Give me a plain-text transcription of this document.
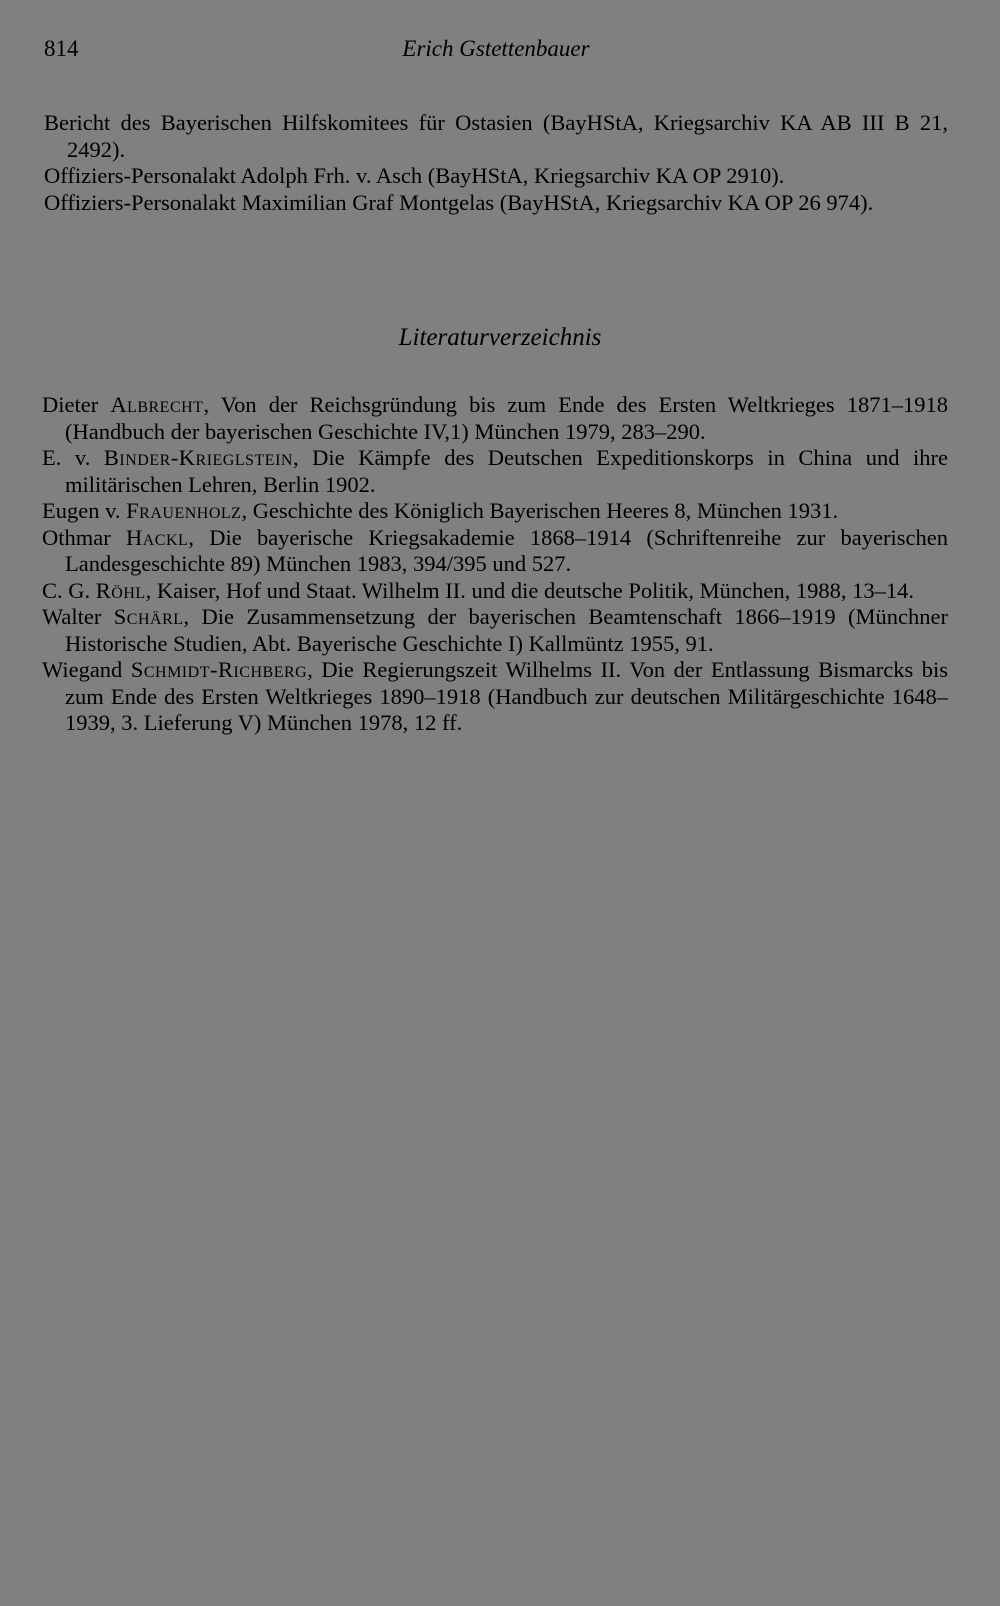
814	Erich Gstettenbauer

Bericht des Bayerischen Hilfskomitees für Ostasien (BayHStA, Kriegsarchiv KA AB III B 21, 2492).

Offiziers-Personalakt Adolph Frh. v. Asch (BayHStA, Kriegsarchiv KA OP 2910).

Offiziers-Personalakt Maximilian Graf Montgelas (BayHStA, Kriegsarchiv KA OP 26 974).

Literaturverzeichnis

Dieter Albrecht, Von der Reichsgründung bis zum Ende des Ersten Weltkrieges 1871–1918 (Handbuch der bayerischen Geschichte IV,1) München 1979, 283–290.

E. v. Binder-Krieglstein, Die Kämpfe des Deutschen Expeditionskorps in China und ihre militärischen Lehren, Berlin 1902.

Eugen v. Frauenholz, Geschichte des Königlich Bayerischen Heeres 8, München 1931.

Othmar Hackl, Die bayerische Kriegsakademie 1868–1914 (Schriftenreihe zur bayerischen Landesgeschichte 89) München 1983, 394/395 und 527.

C. G. Röhl, Kaiser, Hof und Staat. Wilhelm II. und die deutsche Politik, München, 1988, 13–14.

Walter Schärl, Die Zusammensetzung der bayerischen Beamtenschaft 1866–1919 (Münchner Historische Studien, Abt. Bayerische Geschichte I) Kallmüntz 1955, 91.

Wiegand Schmidt-Richberg, Die Regierungszeit Wilhelms II. Von der Entlassung Bismarcks bis zum Ende des Ersten Weltkrieges 1890–1918 (Handbuch zur deutschen Militärgeschichte 1648–1939, 3. Lieferung V) München 1978, 12 ff.
